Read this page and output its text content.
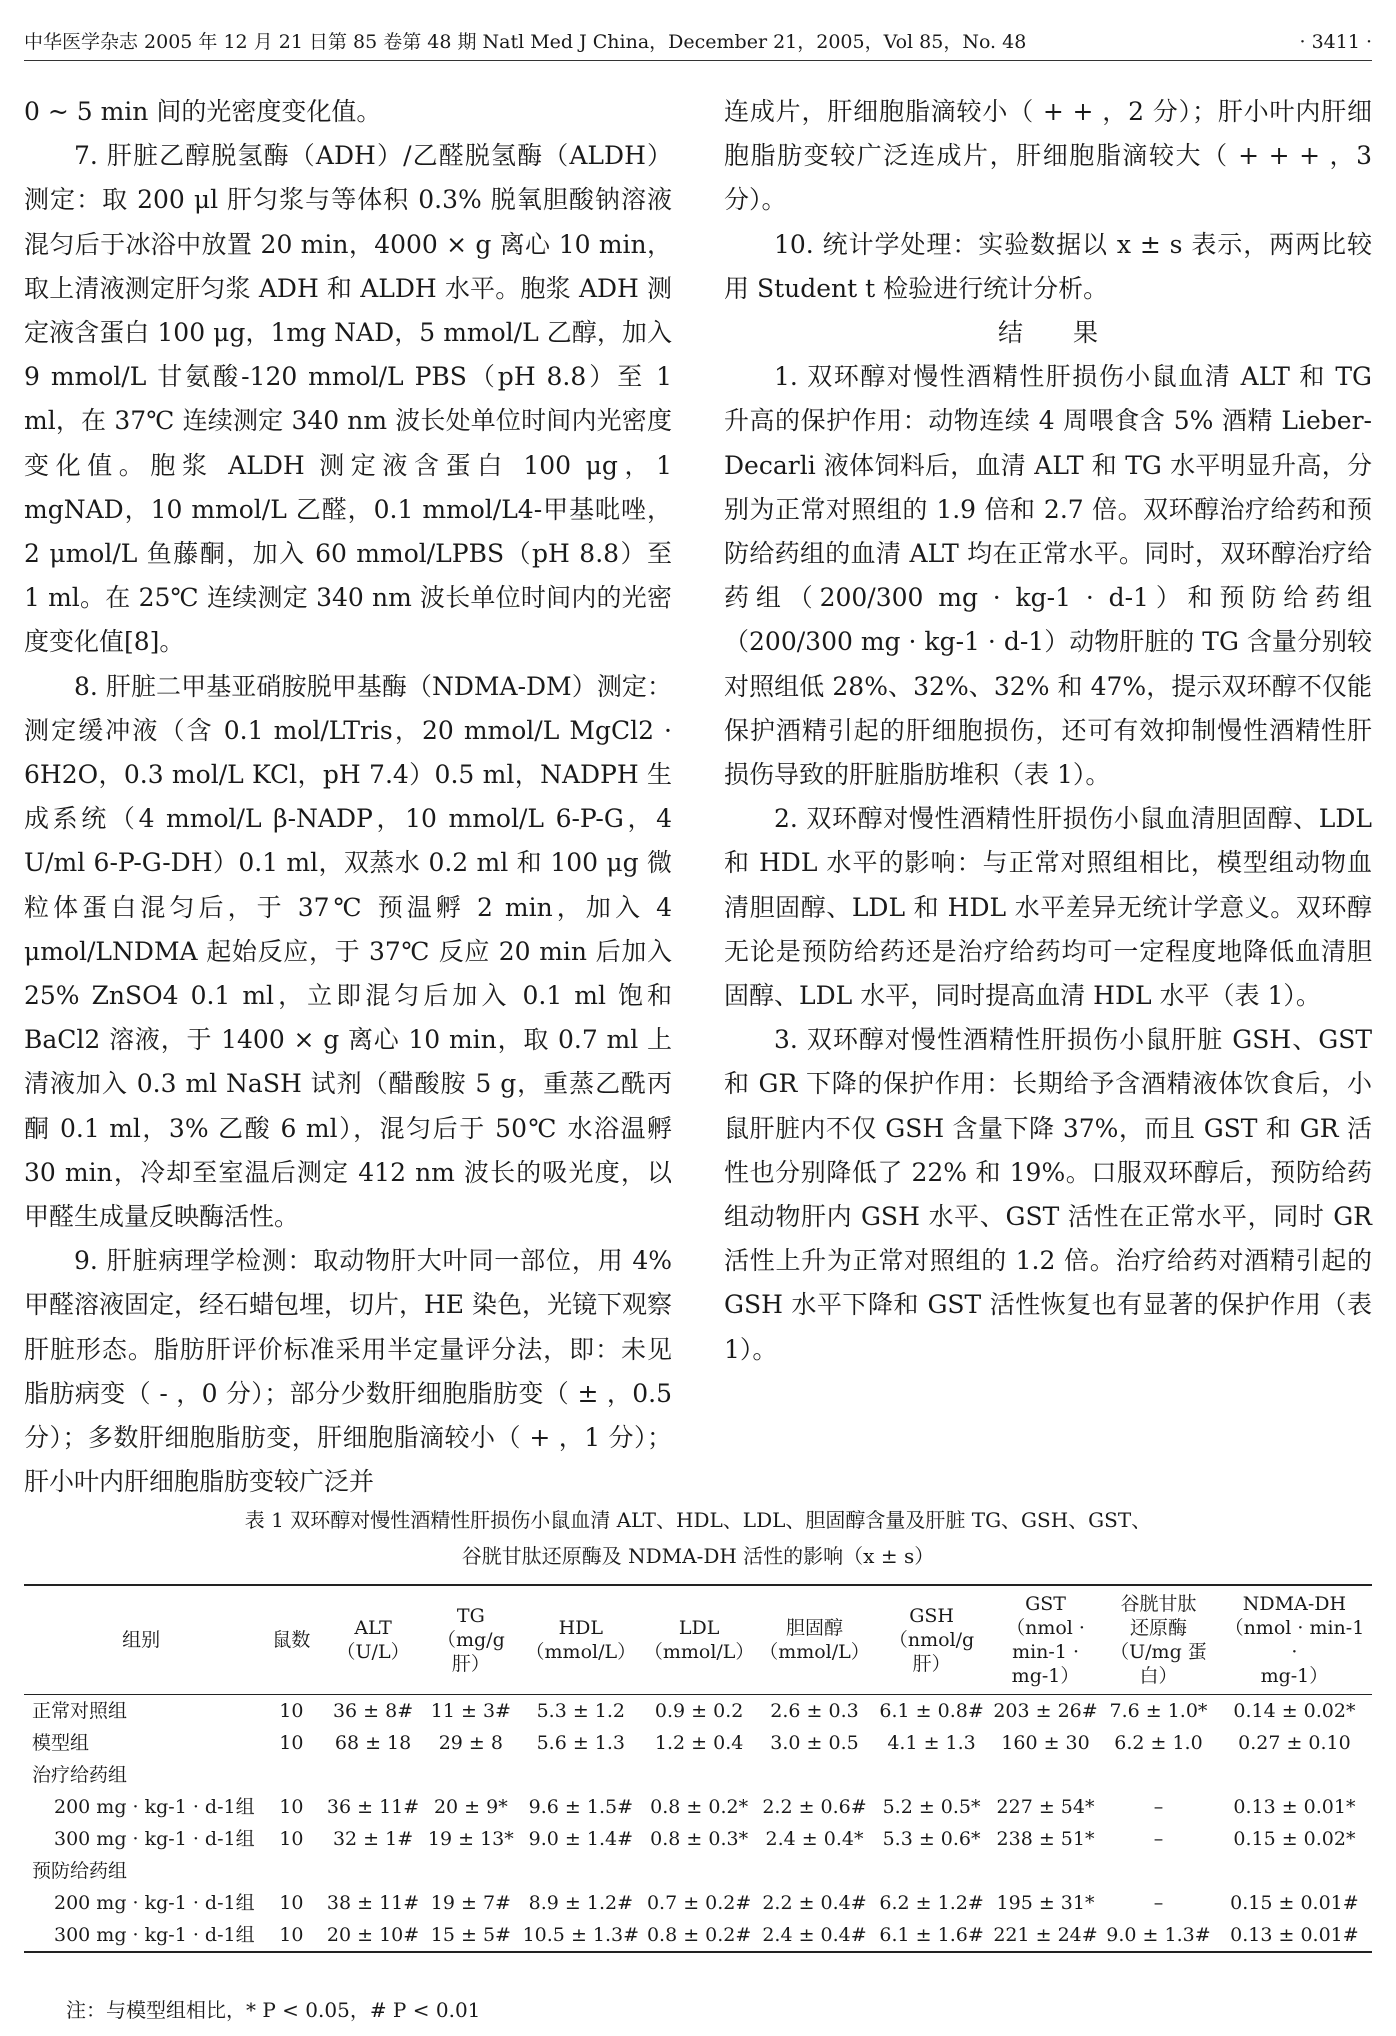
中华医学杂志 2005 年 12 月 21 日第 85 卷第 48 期 Natl Med J China，December 21，2005，Vol 85，No. 48	· 3411 ·

0 ~ 5 min 间的光密度变化值。

7. 肝脏乙醇脱氢酶（ADH）/乙醛脱氢酶（ALDH）测定：取 200 μl 肝匀浆与等体积 0.3% 脱氧胆酸钠溶液混匀后于冰浴中放置 20 min，4000 × g 离心 10 min，取上清液测定肝匀浆 ADH 和 ALDH 水平。胞浆 ADH 测定液含蛋白 100 μg，1mg NAD，5 mmol/L 乙醇，加入 9 mmol/L 甘氨酸-120 mmol/L PBS（pH 8.8）至 1 ml，在 37℃ 连续测定 340 nm 波长处单位时间内光密度变化值。胞浆 ALDH 测定液含蛋白 100 μg，1 mgNAD，10 mmol/L 乙醛，0.1 mmol/L4-甲基吡唑，2 μmol/L 鱼藤酮，加入 60 mmol/LPBS（pH 8.8）至 1 ml。在 25℃ 连续测定 340 nm 波长单位时间内的光密度变化值[8]。

8. 肝脏二甲基亚硝胺脱甲基酶（NDMA-DM）测定：测定缓冲液（含 0.1 mol/LTris，20 mmol/L MgCl2 · 6H2O，0.3 mol/L KCl，pH 7.4）0.5 ml，NADPH 生成系统（4 mmol/L β-NADP，10 mmol/L 6-P-G，4 U/ml 6-P-G-DH）0.1 ml，双蒸水 0.2 ml 和 100 μg 微粒体蛋白混匀后，于 37℃ 预温孵 2 min，加入 4 μmol/LNDMA 起始反应，于 37℃ 反应 20 min 后加入 25% ZnSO4 0.1 ml，立即混匀后加入 0.1 ml 饱和 BaCl2 溶液，于 1400 × g 离心 10 min，取 0.7 ml 上清液加入 0.3 ml NaSH 试剂（醋酸胺 5 g，重蒸乙酰丙酮 0.1 ml，3% 乙酸 6 ml），混匀后于 50℃ 水浴温孵 30 min，冷却至室温后测定 412 nm 波长的吸光度，以甲醛生成量反映酶活性。

9. 肝脏病理学检测：取动物肝大叶同一部位，用 4% 甲醛溶液固定，经石蜡包埋，切片，HE 染色，光镜下观察肝脏形态。脂肪肝评价标准采用半定量评分法，即：未见脂肪病变（ - ，0 分）；部分少数肝细胞脂肪变（ ± ，0.5 分）；多数肝细胞脂肪变，肝细胞脂滴较小（ + ，1 分）；肝小叶内肝细胞脂肪变较广泛并

连成片，肝细胞脂滴较小（ + + ，2 分）；肝小叶内肝细胞脂肪变较广泛连成片，肝细胞脂滴较大（ + + + ，3 分）。

10. 统计学处理：实验数据以 x ± s 表示，两两比较用 Student t 检验进行统计分析。

结果

1. 双环醇对慢性酒精性肝损伤小鼠血清 ALT 和 TG 升高的保护作用：动物连续 4 周喂食含 5% 酒精 Lieber-Decarli 液体饲料后，血清 ALT 和 TG 水平明显升高，分别为正常对照组的 1.9 倍和 2.7 倍。双环醇治疗给药和预防给药组的血清 ALT 均在正常水平。同时，双环醇治疗给药组（200/300 mg · kg-1 · d-1）和预防给药组（200/300 mg · kg-1 · d-1）动物肝脏的 TG 含量分别较对照组低 28%、32%、32% 和 47%，提示双环醇不仅能保护酒精引起的肝细胞损伤，还可有效抑制慢性酒精性肝损伤导致的肝脏脂肪堆积（表 1）。

2. 双环醇对慢性酒精性肝损伤小鼠血清胆固醇、LDL 和 HDL 水平的影响：与正常对照组相比，模型组动物血清胆固醇、LDL 和 HDL 水平差异无统计学意义。双环醇无论是预防给药还是治疗给药均可一定程度地降低血清胆固醇、LDL 水平，同时提高血清 HDL 水平（表 1）。

3. 双环醇对慢性酒精性肝损伤小鼠肝脏 GSH、GST 和 GR 下降的保护作用：长期给予含酒精液体饮食后，小鼠肝脏内不仅 GSH 含量下降 37%，而且 GST 和 GR 活性也分别降低了 22% 和 19%。口服双环醇后，预防给药组动物肝内 GSH 水平、GST 活性在正常水平，同时 GR 活性上升为正常对照组的 1.2 倍。治疗给药对酒精引起的 GSH 水平下降和 GST 活性恢复也有显著的保护作用（表 1）。

表 1 双环醇对慢性酒精性肝损伤小鼠血清 ALT、HDL、LDL、胆固醇含量及肝脏 TG、GSH、GST、

谷胱甘肽还原酶及 NDMA-DH 活性的影响（x ± s）

组别	鼠数	ALT
（U/L）	TG
（mg/g 肝）	HDL
（mmol/L）	LDL
（mmol/L）	胆固醇
（mmol/L）	GSH
（nmol/g 肝）	GST（nmol ·
min-1 ·
mg-1）	谷胱甘肽
还原酶
（U/mg 蛋白）	NDMA-DH
（nmol · min-1 ·
mg-1）

正常对照组	10	36 ± 8#	11 ± 3#	5.3 ± 1.2	0.9 ± 0.2	2.6 ± 0.3	6.1 ± 0.8#	203 ± 26#	7.6 ± 1.0*	0.14 ± 0.02*
模型组	10	68 ± 18	29 ± 8	5.6 ± 1.3	1.2 ± 0.4	3.0 ± 0.5	4.1 ± 1.3	160 ± 30	6.2 ± 1.0	0.27 ± 0.10
治疗给药组										
200 mg · kg-1 · d-1组	10	36 ± 11#	20 ± 9*	9.6 ± 1.5#	0.8 ± 0.2*	2.2 ± 0.6#	5.2 ± 0.5*	227 ± 54*	–	0.13 ± 0.01*
300 mg · kg-1 · d-1组	10	32 ± 1#	19 ± 13*	9.0 ± 1.4#	0.8 ± 0.3*	2.4 ± 0.4*	5.3 ± 0.6*	238 ± 51*	–	0.15 ± 0.02*
预防给药组										
200 mg · kg-1 · d-1组	10	38 ± 11#	19 ± 7#	8.9 ± 1.2#	0.7 ± 0.2#	2.2 ± 0.4#	6.2 ± 1.2#	195 ± 31*	–	0.15 ± 0.01#
300 mg · kg-1 · d-1组	10	20 ± 10#	15 ± 5#	10.5 ± 1.3#	0.8 ± 0.2#	2.4 ± 0.4#	6.1 ± 1.6#	221 ± 24#	9.0 ± 1.3#	0.13 ± 0.01#
注：与模型组相比，* P < 0.05，# P < 0.01
